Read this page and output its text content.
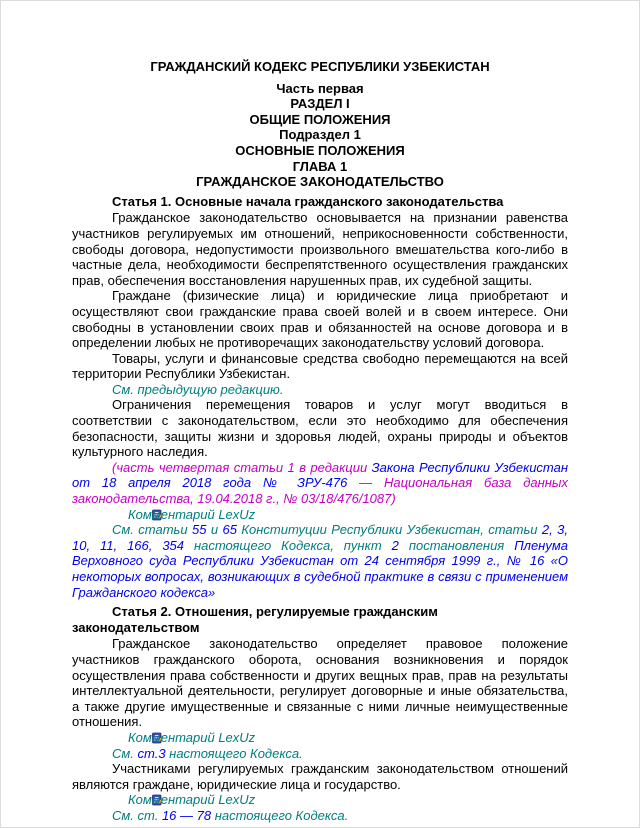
ГРАЖДАНСКИЙ КОДЕКС РЕСПУБЛИКИ УЗБЕКИСТАН

Часть первая

РАЗДЕЛ I

ОБЩИЕ ПОЛОЖЕНИЯ

Подраздел 1

ОСНОВНЫЕ ПОЛОЖЕНИЯ

ГЛАВА 1

ГРАЖДАНСКОЕ ЗАКОНОДАТЕЛЬСТВО

Статья 1. Основные начала гражданского законодательства

Гражданское законодательство основывается на признании равенства участников регулируемых им отношений, неприкосновенности собственности, свободы договора, недопустимости произвольного вмешательства кого-либо в частные дела, необходимости беспрепятственного осуществления гражданских прав, обеспечения восстановления нарушенных прав, их судебной защиты.

Граждане (физические лица) и юридические лица приобретают и осуществляют свои гражданские права своей волей и в своем интересе. Они свободны в установлении своих прав и обязанностей на основе договора и в определении любых не противоречащих законодательству условий договора.

Товары, услуги и финансовые средства свободно перемещаются на всей территории Республики Узбекистан.

См. предыдущую редакцию.

Ограничения перемещения товаров и услуг могут вводиться в соответствии с законодательством, если это необходимо для обеспечения безопасности, защиты жизни и здоровья людей, охраны природы и объектов культурного наследия.

(часть четвертая статьи 1 в редакции Закона Республики Узбекистан от 18 апреля 2018 года № ЗРУ-476 — Национальная база данных законодательства, 19.04.2018 г., № 03/18/476/1087)

Комментарий LexUz

См. статьи 55 и 65 Конституции Республики Узбекистан, статьи 2, 3, 10, 11, 166, 354 настоящего Кодекса, пункт 2 постановления Пленума Верховного суда Республики Узбекистан от 24 сентября 1999 г., № 16 «О некоторых вопросах, возникающих в судебной практике в связи с применением Гражданского кодекса»

Статья 2. Отношения, регулируемые гражданским законодательством

Гражданское законодательство определяет правовое положение участников гражданского оборота, основания возникновения и порядок осуществления права собственности и других вещных прав, прав на результаты интеллектуальной деятельности, регулирует договорные и иные обязательства, а также другие имущественные и связанные с ними личные неимущественные отношения.

Комментарий LexUz

См. ст.3 настоящего Кодекса.

Участниками регулируемых гражданским законодательством отношений являются граждане, юридические лица и государство.

Комментарий LexUz

См. ст. 16 — 78 настоящего Кодекса.
